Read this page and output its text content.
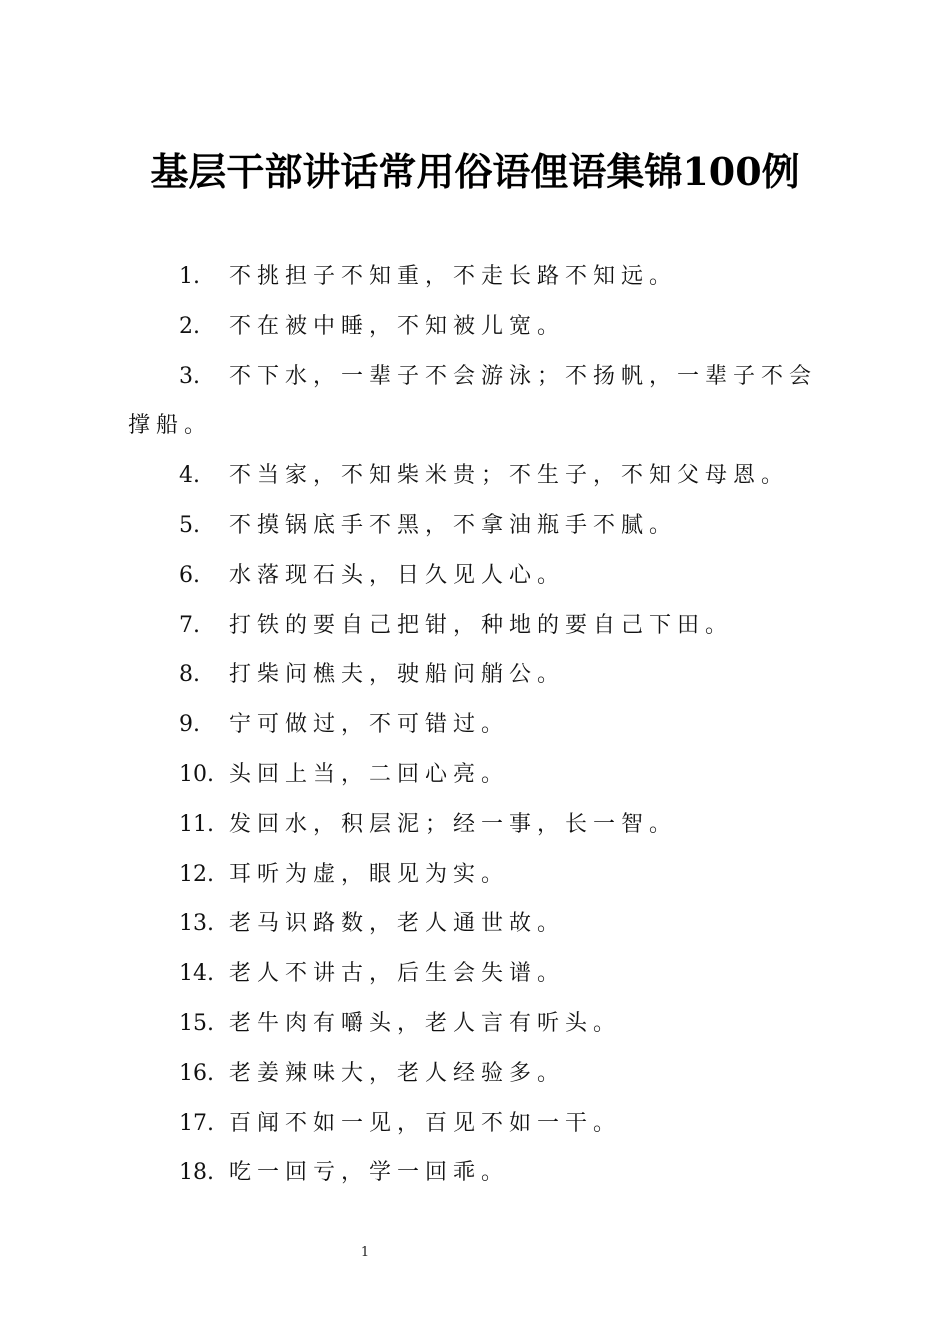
基层干部讲话常用俗语俚语集锦100例
1. 不挑担子不知重，不走长路不知远。
2. 不在被中睡，不知被儿宽。
3. 不下水，一辈子不会游泳；不扬帆，一辈子不会撑船。
4. 不当家，不知柴米贵；不生子，不知父母恩。
5. 不摸锅底手不黑，不拿油瓶手不腻。
6. 水落现石头，日久见人心。
7. 打铁的要自己把钳，种地的要自己下田。
8. 打柴问樵夫，驶船问艄公。
9. 宁可做过，不可错过。
10. 头回上当，二回心亮。
11. 发回水，积层泥；经一事，长一智。
12. 耳听为虚，眼见为实。
13. 老马识路数，老人通世故。
14. 老人不讲古，后生会失谱。
15. 老牛肉有嚼头，老人言有听头。
16. 老姜辣味大，老人经验多。
17. 百闻不如一见，百见不如一干。
18. 吃一回亏，学一回乖。
1
